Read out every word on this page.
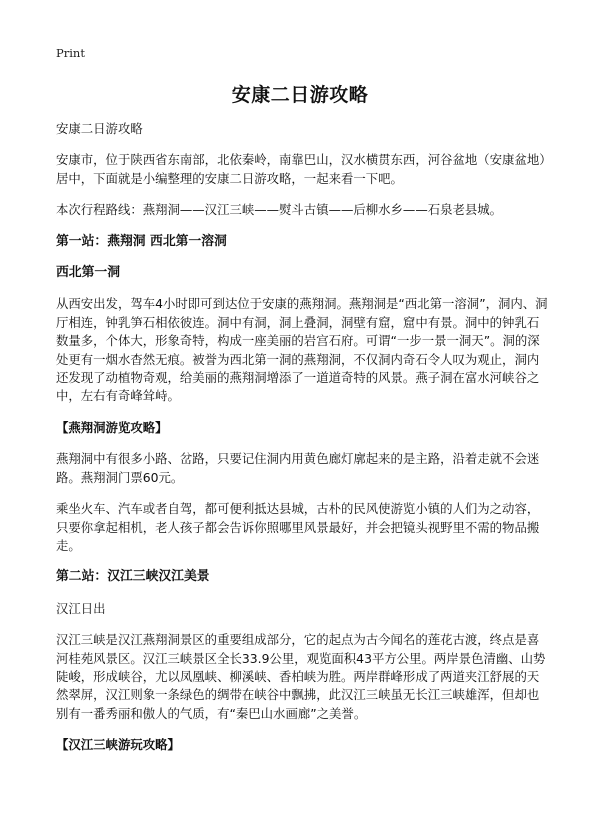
Print
安康二日游攻略

安康二日游攻略

安康市，位于陕西省东南部，北依秦岭，南靠巴山，汉水横贯东西，河谷盆地（安康盆地）居中，下面就是小编整理的安康二日游攻略，一起来看一下吧。

本次行程路线：燕翔洞——汉江三峡——熨斗古镇——后柳水乡——石泉老县城。

第一站：燕翔洞 西北第一溶洞
西北第一洞

从西安出发，驾车4小时即可到达位于安康的燕翔洞。燕翔洞是“西北第一溶洞”，洞内、洞厅相连，钟乳笋石相依彼连。洞中有洞，洞上叠洞，洞壁有窟，窟中有景。洞中的钟乳石数量多，个体大，形象奇特，构成一座美丽的岩宫石府。可谓“一步一景一洞天”。洞的深处更有一烟水杳然无痕。被誉为西北第一洞的燕翔洞，不仅洞内奇石令人叹为观止，洞内还发现了动植物奇观，给美丽的燕翔洞增添了一道道奇特的风景。燕子洞在富水河峡谷之中，左右有奇峰耸峙。

【燕翔洞游览攻略】

燕翔洞中有很多小路、岔路，只要记住洞内用黄色廊灯廓起来的是主路，沿着走就不会迷路。燕翔洞门票60元。

乘坐火车、汽车或者自驾，都可便利抵达县城，古朴的民风使游览小镇的人们为之动容，只要你拿起相机，老人孩子都会告诉你照哪里风景最好，并会把镜头视野里不需的物品搬走。

第二站：汉江三峡汉江美景

汉江日出

汉江三峡是汉江燕翔洞景区的重要组成部分，它的起点为古今闻名的莲花古渡，终点是喜河桂苑风景区。汉江三峡景区全长33.9公里，观览面积43平方公里。两岸景色清幽、山势陡峻，形成峡谷，尤以凤凰峡、柳溪峡、香柏峡为胜。两岸群峰形成了两道夹江舒展的天然翠屏，汉江则象一条绿色的绸带在峡谷中飘拂，此汉江三峡虽无长江三峡雄浑，但却也别有一番秀丽和傲人的气质，有“秦巴山水画廊”之美誉。

【汉江三峡游玩攻略】
